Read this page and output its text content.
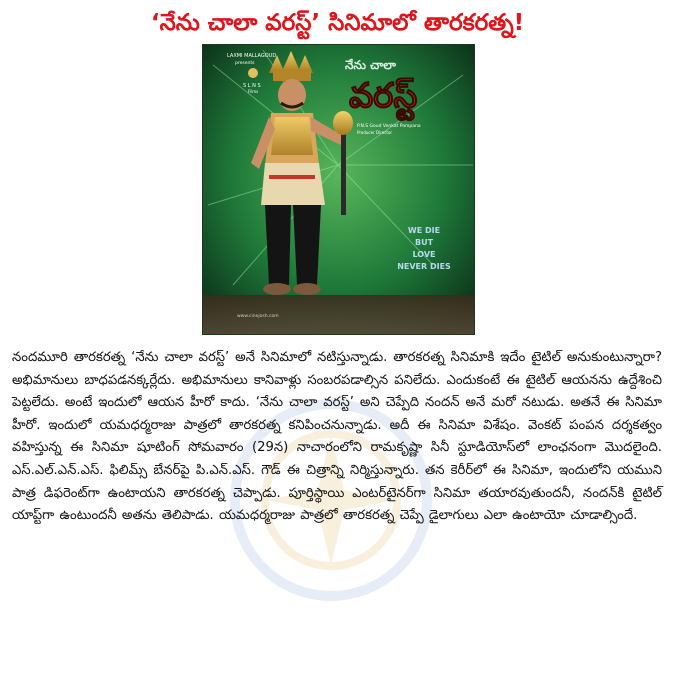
‘నేను చాలా వరస్ట్’ సినిమాలో తారకరత్న!
LAXMI MALLAGOUD
presents
S L N S
Films
నేను చాలా
వరస్ట్
P.N.S Goud Venkat Pampana
Producer Director
WE DIE
BUT
LOVE
NEVER DIES
www.cinejosh.com
నందమూరి తారకరత్న ‘నేను చాలా వరస్ట్’ అనే సినిమాలో నటిస్తున్నాడు. తారకరత్న సినిమాకి ఇదేం టైటిల్ అనుకుంటున్నారా? అభిమానులు బాధపడనక్కర్లేదు. అభిమానులు కానివాళ్లు సంబరపడాల్సిన పనిలేదు. ఎందుకంటే ఈ టైటిల్ ఆయనను ఉద్దేశించి పెట్టలేదు. అంటే ఇందులో ఆయన హీరో కాదు. ‘నేను చాలా వరస్ట్’ అని చెప్పేది నందన్ అనే మరో నటుడు. అతనే ఈ సినిమా హీరో. ఇందులో యమధర్మరాజు పాత్రలో తారకరత్న కనిపించనున్నాడు. అదీ ఈ సినిమా విశేషం. వెంకట్ పంపన దర్శకత్వం వహిస్తున్న ఈ సినిమా షూటింగ్ సోమవారం (29న) నాచారంలోని రామకృష్ణా సినీ స్టూడియోస్‌లో లాంఛనంగా మొదలైంది. ఎస్.ఎల్.ఎన్.ఎస్. ఫిలిమ్స్ బేనర్‌పై పి.ఎన్.ఎస్. గౌడ్ ఈ చిత్రాన్ని నిర్మిస్తున్నారు. తన కెరీర్‌లో ఈ సినిమా, ఇందులోని యముని పాత్ర డిఫరెంట్‌గా ఉంటాయని తారకరత్న చెప్పాడు. పూర్తిస్థాయి ఎంటర్‌టైనర్‌గా సినిమా తయారవుతుందనీ, నందన్‌కి టైటిల్ యాప్ట్‌గా ఉంటుందనీ అతను తెలిపాడు. యమధర్మరాజు పాత్రలో తారకరత్న చెప్పే డైలాగులు ఎలా ఉంటాయో చూడాల్సిందే.
